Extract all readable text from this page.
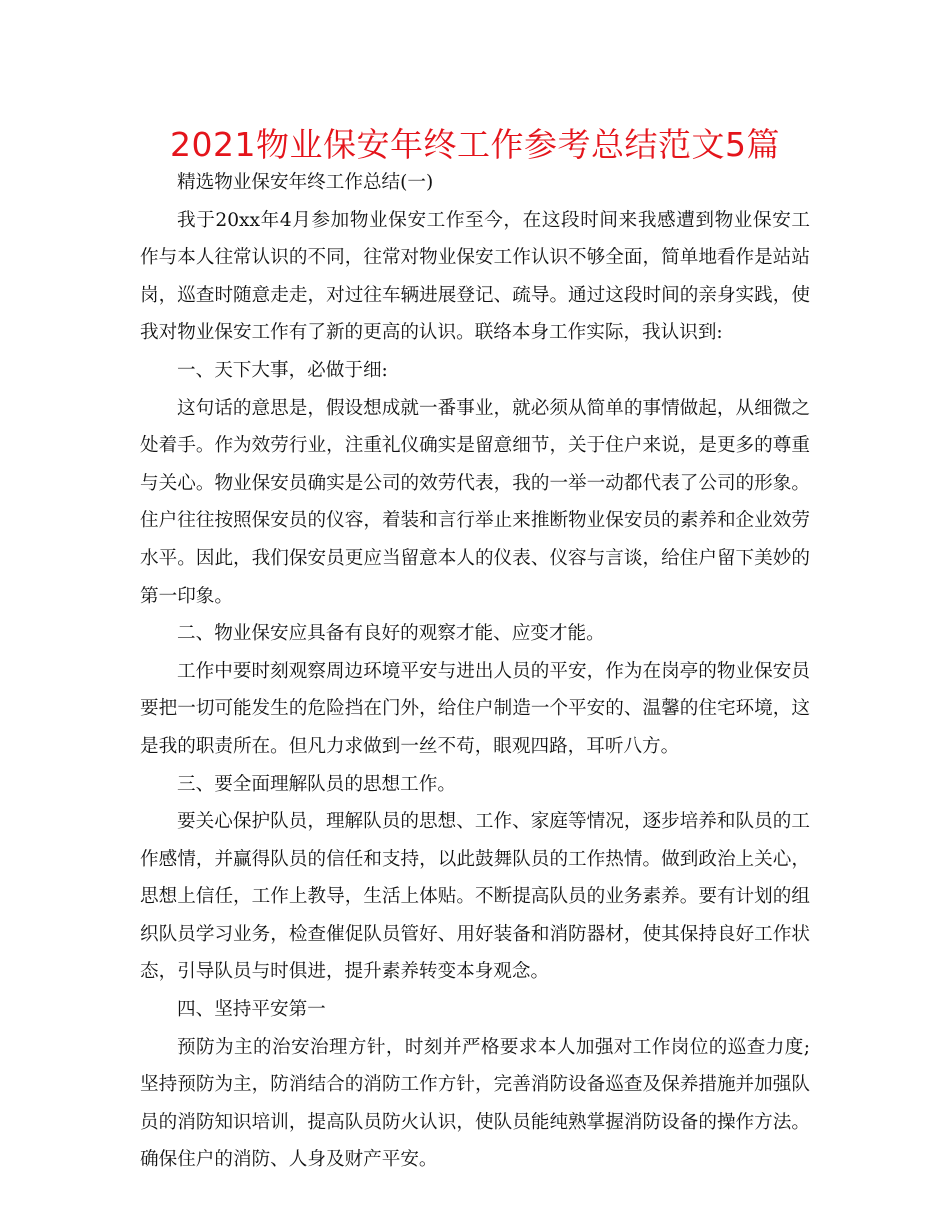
2021物业保安年终工作参考总结范文5篇
精选物业保安年终工作总结(一)
我于20xx年4月参加物业保安工作至今，在这段时间来我感遭到物业保安工
作与本人往常认识的不同，往常对物业保安工作认识不够全面，简单地看作是站站
岗，巡查时随意走走，对过往车辆进展登记、疏导。通过这段时间的亲身实践，使
我对物业保安工作有了新的更高的认识。联络本身工作实际，我认识到:
一、天下大事，必做于细:
这句话的意思是，假设想成就一番事业，就必须从简单的事情做起，从细微之
处着手。作为效劳行业，注重礼仪确实是留意细节，关于住户来说，是更多的尊重
与关心。物业保安员确实是公司的效劳代表，我的一举一动都代表了公司的形象。
住户往往按照保安员的仪容，着装和言行举止来推断物业保安员的素养和企业效劳
水平。因此，我们保安员更应当留意本人的仪表、仪容与言谈，给住户留下美妙的
第一印象。
二、物业保安应具备有良好的观察才能、应变才能。
工作中要时刻观察周边环境平安与进出人员的平安，作为在岗亭的物业保安员
要把一切可能发生的危险挡在门外，给住户制造一个平安的、温馨的住宅环境，这
是我的职责所在。但凡力求做到一丝不苟，眼观四路，耳听八方。
三、要全面理解队员的思想工作。
要关心保护队员，理解队员的思想、工作、家庭等情况，逐步培养和队员的工
作感情，并赢得队员的信任和支持，以此鼓舞队员的工作热情。做到政治上关心，
思想上信任，工作上教导，生活上体贴。不断提高队员的业务素养。要有计划的组
织队员学习业务，检查催促队员管好、用好装备和消防器材，使其保持良好工作状
态，引导队员与时俱进，提升素养转变本身观念。
四、坚持平安第一
预防为主的治安治理方针，时刻并严格要求本人加强对工作岗位的巡查力度;
坚持预防为主，防消结合的消防工作方针，完善消防设备巡查及保养措施并加强队
员的消防知识培训，提高队员防火认识，使队员能纯熟掌握消防设备的操作方法。
确保住户的消防、人身及财产平安。
